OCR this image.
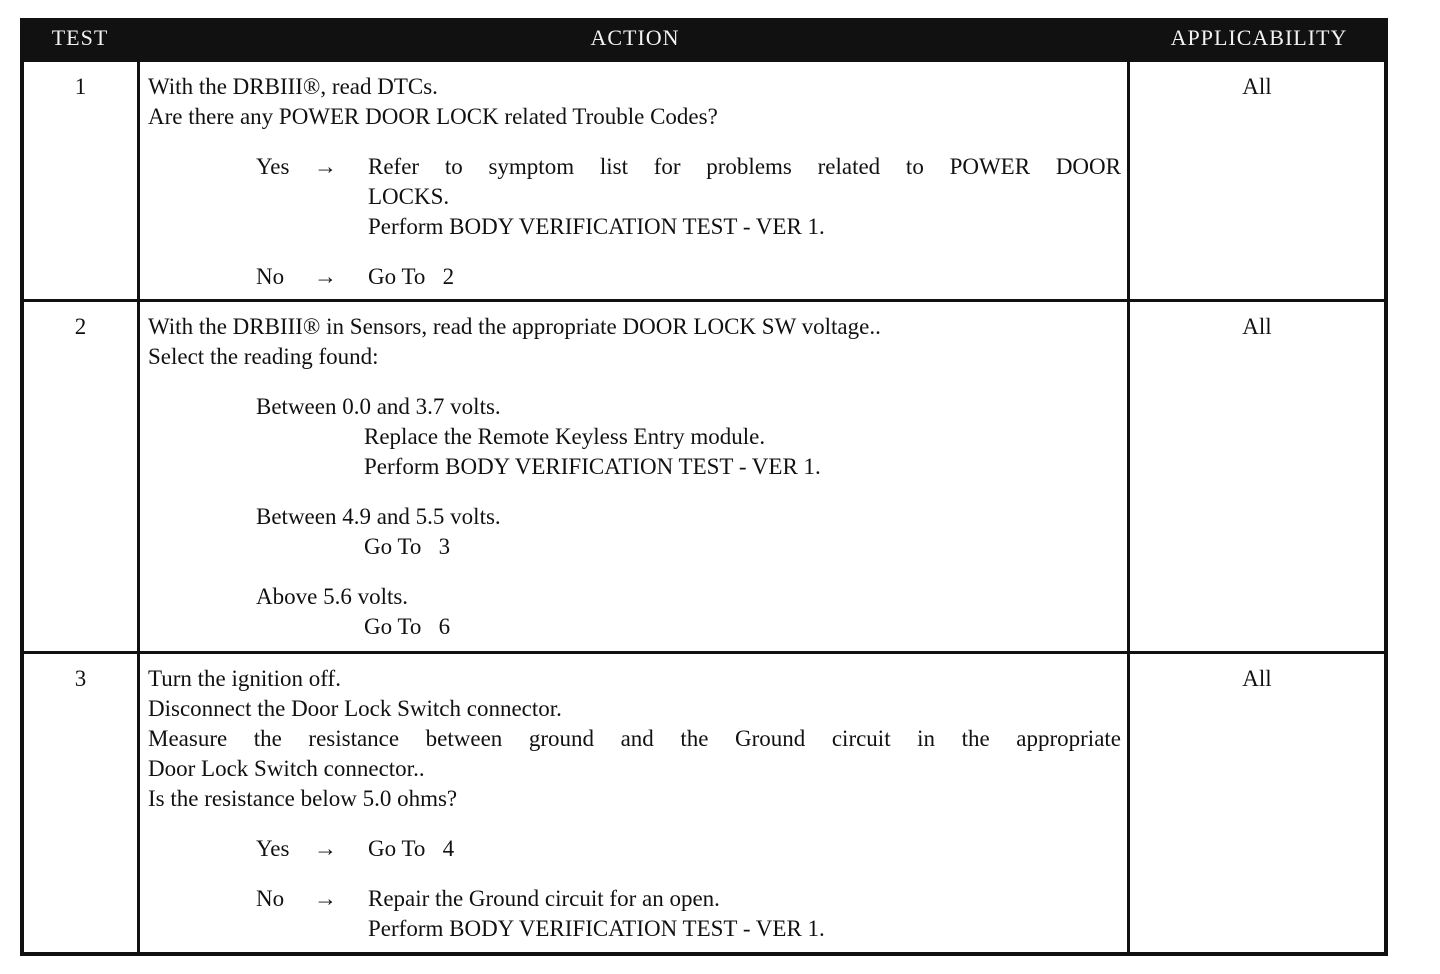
TEST	ACTION	APPLICABILITY
1	With the DRBIII®, read DTCs.
Are there any POWER DOOR LOCK related Trouble Codes?
Yes	→	Refer to symptom list for problems related to POWER DOOR
LOCKS.
Perform BODY VERIFICATION TEST - VER 1.
No	→	Go To   2
All
2	With the DRBIII® in Sensors, read the appropriate DOOR LOCK SW voltage..
Select the reading found:
Between 0.0 and 3.7 volts.
Replace the Remote Keyless Entry module.
Perform BODY VERIFICATION TEST - VER 1.
Between 4.9 and 5.5 volts.
Go To   3
Above 5.6 volts.
Go To   6
All
3	Turn the ignition off.
Disconnect the Door Lock Switch connector.
Measure the resistance between ground and the Ground circuit in the appropriate
Door Lock Switch connector..
Is the resistance below 5.0 ohms?
Yes	→	Go To   4
No	→	Repair the Ground circuit for an open.
Perform BODY VERIFICATION TEST - VER 1.
All
